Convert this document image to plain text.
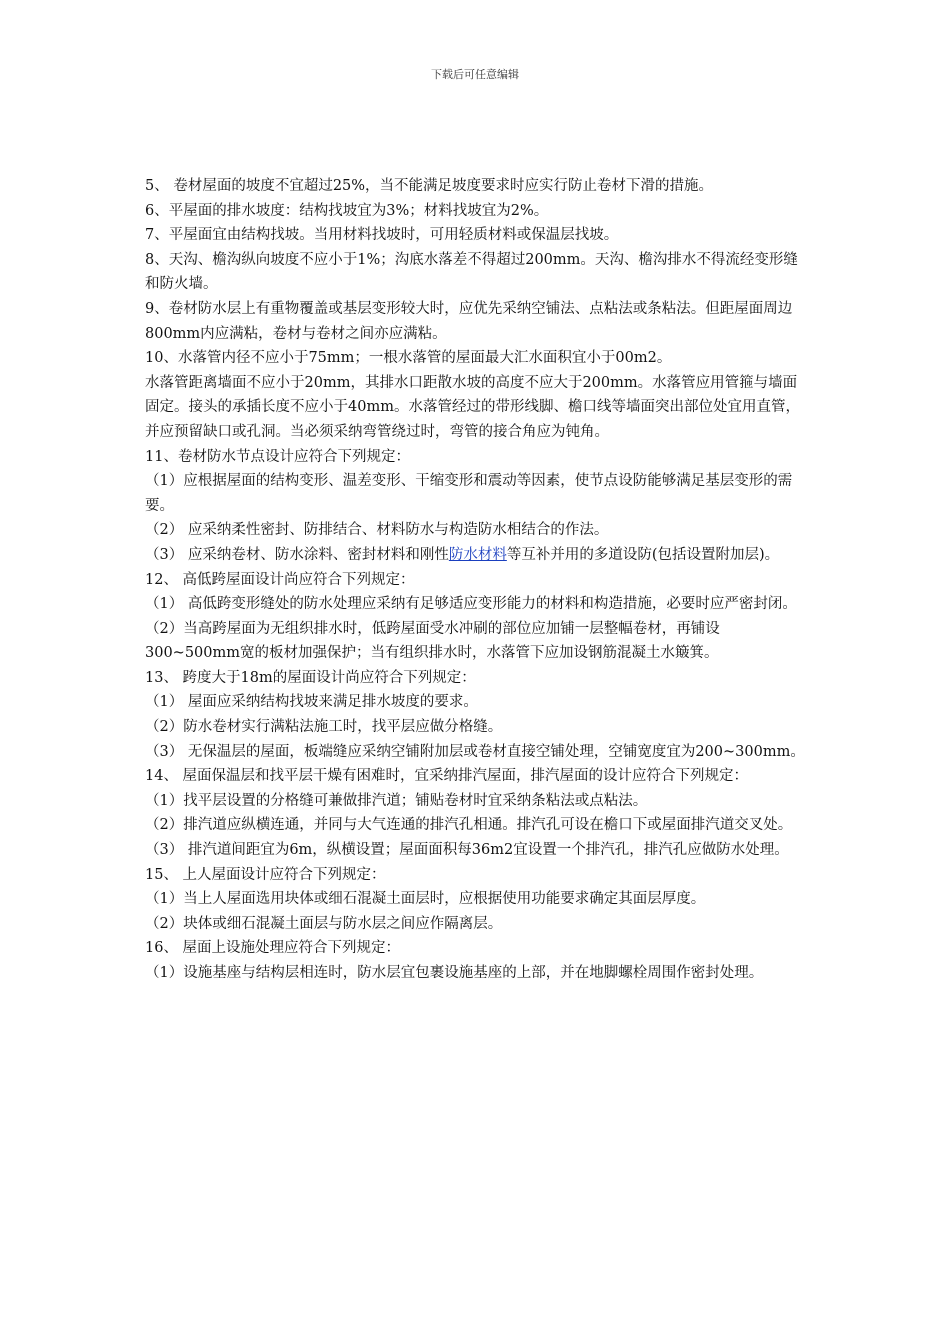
下载后可任意编辑

5、 卷材屋面的坡度不宜超过25%，当不能满足坡度要求时应实行防止卷材下滑的措施。

6、平屋面的排水坡度：结构找坡宜为3%；材料找坡宜为2%。

7、平屋面宜由结构找坡。当用材料找坡时，可用轻质材料或保温层找坡。

8、天沟、檐沟纵向坡度不应小于1%；沟底水落差不得超过200mm。天沟、檐沟排水不得流经变形缝和防火墙。

9、卷材防水层上有重物覆盖或基层变形较大时，应优先采纳空铺法、点粘法或条粘法。但距屋面周边800mm内应满粘，卷材与卷材之间亦应满粘。

10、水落管内径不应小于75mm；一根水落管的屋面最大汇水面积宜小于00m2。

水落管距离墙面不应小于20mm，其排水口距散水坡的高度不应大于200mm。水落管应用管箍与墙面固定。接头的承插长度不应小于40mm。水落管经过的带形线脚、檐口线等墙面突出部位处宜用直管，并应预留缺口或孔洞。当必须采纳弯管绕过时，弯管的接合角应为钝角。

11、卷材防水节点设计应符合下列规定：

（1）应根据屋面的结构变形、温差变形、干缩变形和震动等因素，使节点设防能够满足基层变形的需要。

（2） 应采纳柔性密封、防排结合、材料防水与构造防水相结合的作法。

（3） 应采纳卷材、防水涂料、密封材料和刚性防水材料等互补并用的多道设防(包括设置附加层)。

12、 高低跨屋面设计尚应符合下列规定：

（1） 高低跨变形缝处的防水处理应采纳有足够适应变形能力的材料和构造措施，必要时应严密封闭。

（2）当高跨屋面为无组织排水时，低跨屋面受水冲刷的部位应加铺一层整幅卷材，再铺设300~500mm宽的板材加强保护；当有组织排水时，水落管下应加设钢筋混凝土水簸箕。

13、 跨度大于18m的屋面设计尚应符合下列规定：

（1） 屋面应采纳结构找坡来满足排水坡度的要求。

（2）防水卷材实行满粘法施工时，找平层应做分格缝。

（3） 无保温层的屋面，板端缝应采纳空铺附加层或卷材直接空铺处理，空铺宽度宜为200~300mm。

14、 屋面保温层和找平层干燥有困难时，宜采纳排汽屋面，排汽屋面的设计应符合下列规定：

（1）找平层设置的分格缝可兼做排汽道；铺贴卷材时宜采纳条粘法或点粘法。

（2）排汽道应纵横连通，并同与大气连通的排汽孔相通。排汽孔可设在檐口下或屋面排汽道交叉处。

（3） 排汽道间距宜为6m，纵横设置；屋面面积每36m2宜设置一个排汽孔，排汽孔应做防水处理。

15、 上人屋面设计应符合下列规定：

（1）当上人屋面选用块体或细石混凝土面层时，应根据使用功能要求确定其面层厚度。

（2）块体或细石混凝土面层与防水层之间应作隔离层。

16、 屋面上设施处理应符合下列规定：

（1）设施基座与结构层相连时，防水层宜包裹设施基座的上部，并在地脚螺栓周围作密封处理。
